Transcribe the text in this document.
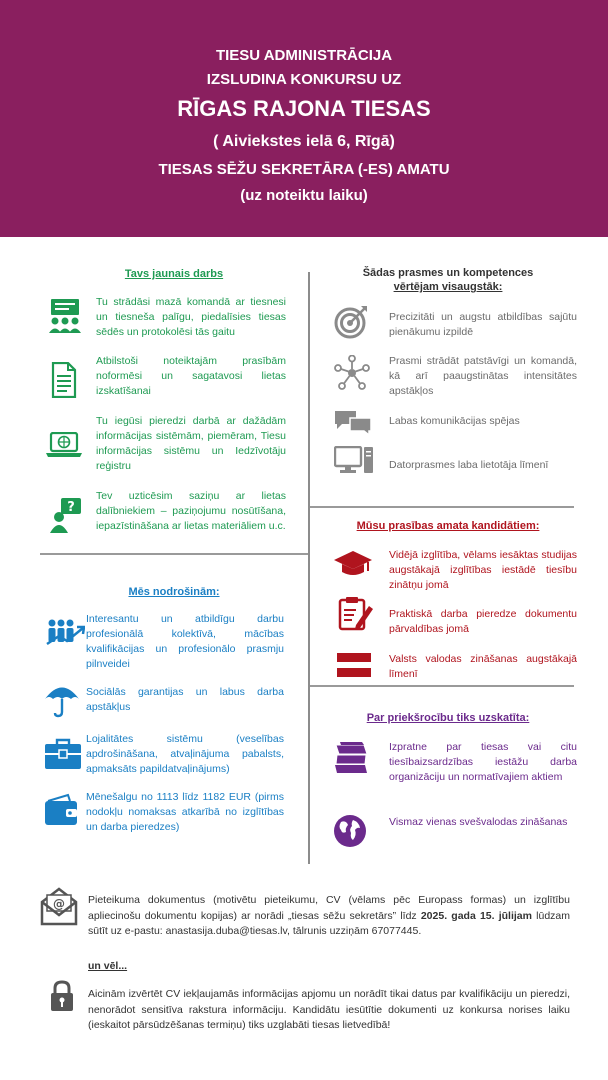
TIESU ADMINISTRĀCIJA
IZSLUDINA KONKURSU UZ
RĪGAS RAJONA TIESAS
( Aiviekstes ielā 6, Rīgā)
TIESAS SĒŽU SEKRETĀRA (-ES) AMATU
(uz noteiktu laiku)
Tavs jaunais darbs
Tu strādāsi mazā komandā ar tiesnesi un tiesneša palīgu, piedalīsies tiesas sēdēs un protokolēsi tās gaitu
Atbilstoši noteiktajām prasībām noformēsi un sagatavosi lietas izskatīšanai
Tu iegūsi pieredzi darbā ar dažādām informācijas sistēmām, piemēram, Tiesu informācijas sistēmu un Iedzīvotāju reģistru
?
Tev uzticēsim saziņu ar lietas dalībniekiem – paziņojumu nosūtīšana, iepazīstināšana ar lietas materiāliem u.c.
Mēs nodrošinām:
Interesantu un atbildīgu darbu profesionālā kolektīvā, mācības kvalifikācijas un profesionālo prasmju pilnveidei
Sociālās garantijas un labus darba apstākļus
Lojalitātes sistēmu (veselības apdrošināšana, atvaļinājuma pabalsts, apmaksāts papildatvaļinājums)
Mēnešalgu no 1113 līdz 1182 EUR (pirms nodokļu nomaksas atkarībā no izglītības un darba pieredzes)
Šādas prasmes un kompetences
vērtējam visaugstāk:
Precizitāti un augstu atbildības sajūtu pienākumu izpildē
Prasmi strādāt patstāvīgi un komandā, kā arī paaugstinātas intensitātes apstākļos
Labas komunikācijas spējas
Datorprasmes laba lietotāja līmenī
Mūsu prasības amata kandidātiem:
Vidējā izglītība, vēlams iesāktas studijas augstākajā izglītības iestādē tiesību zinātņu jomā
Praktiskā darba pieredze dokumentu pārvaldības jomā
Valsts valodas zināšanas augstākajā līmenī
Par priekšrocību tiks uzskatīta:
Izpratne par tiesas vai citu tiesībaizsardzības iestāžu darba organizāciju un normatīvajiem aktiem
Vismaz vienas svešvalodas zināšanas
@ Pieteikuma dokumentus (motivētu pieteikumu, CV (vēlams pēc Europass formas) un izglītību apliecinošu dokumentu kopijas) ar norādi „tiesas sēžu sekretārs” līdz 2025. gada 15. jūlijam lūdzam sūtīt uz e-pastu: anastasija.duba@tiesas.lv, tālrunis uzziņām 67077445.
un vēl...
Aicinām izvērtēt CV iekļaujamās informācijas apjomu un norādīt tikai datus par kvalifikāciju un pieredzi, nenorādot sensitīva rakstura informāciju. Kandidātu iesūtītie dokumenti uz konkursa norises laiku (ieskaitot pārsūdzēšanas termiņu) tiks uzglabāti tiesas lietvedībā!
